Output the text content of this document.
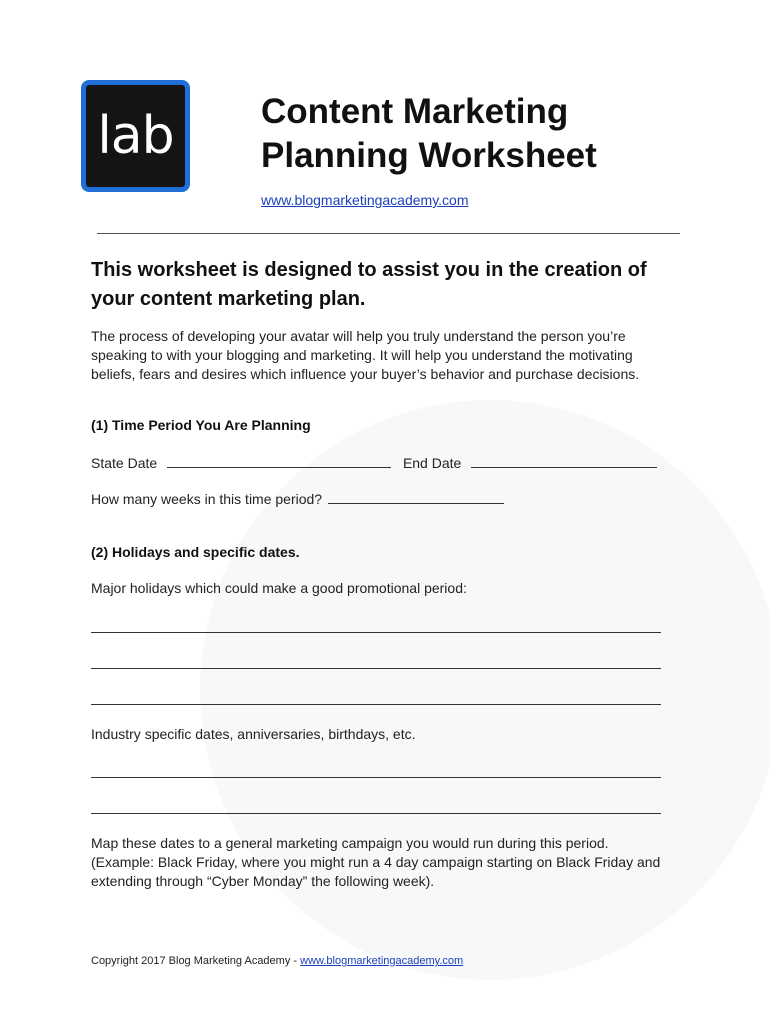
lab	Content Marketing
Planning Worksheet
www.blogmarketingacademy.com
This worksheet is designed to assist you in the creation of your content marketing plan.

The process of developing your avatar will help you truly understand the person you’re speaking to with your blogging and marketing. It will help you understand the motivating beliefs, fears and desires which influence your buyer’s behavior and purchase decisions.

(1) Time Period You Are Planning

State Date	End Date
How many weeks in this time period?

(2) Holidays and specific dates.

Major holidays which could make a good promotional period:

Industry specific dates, anniversaries, birthdays, etc.

Map these dates to a general marketing campaign you would run during this period. (Example: Black Friday, where you might run a 4 day campaign starting on Black Friday and extending through “Cyber Monday” the following week).

Copyright 2017 Blog Marketing Academy - www.blogmarketingacademy.com
